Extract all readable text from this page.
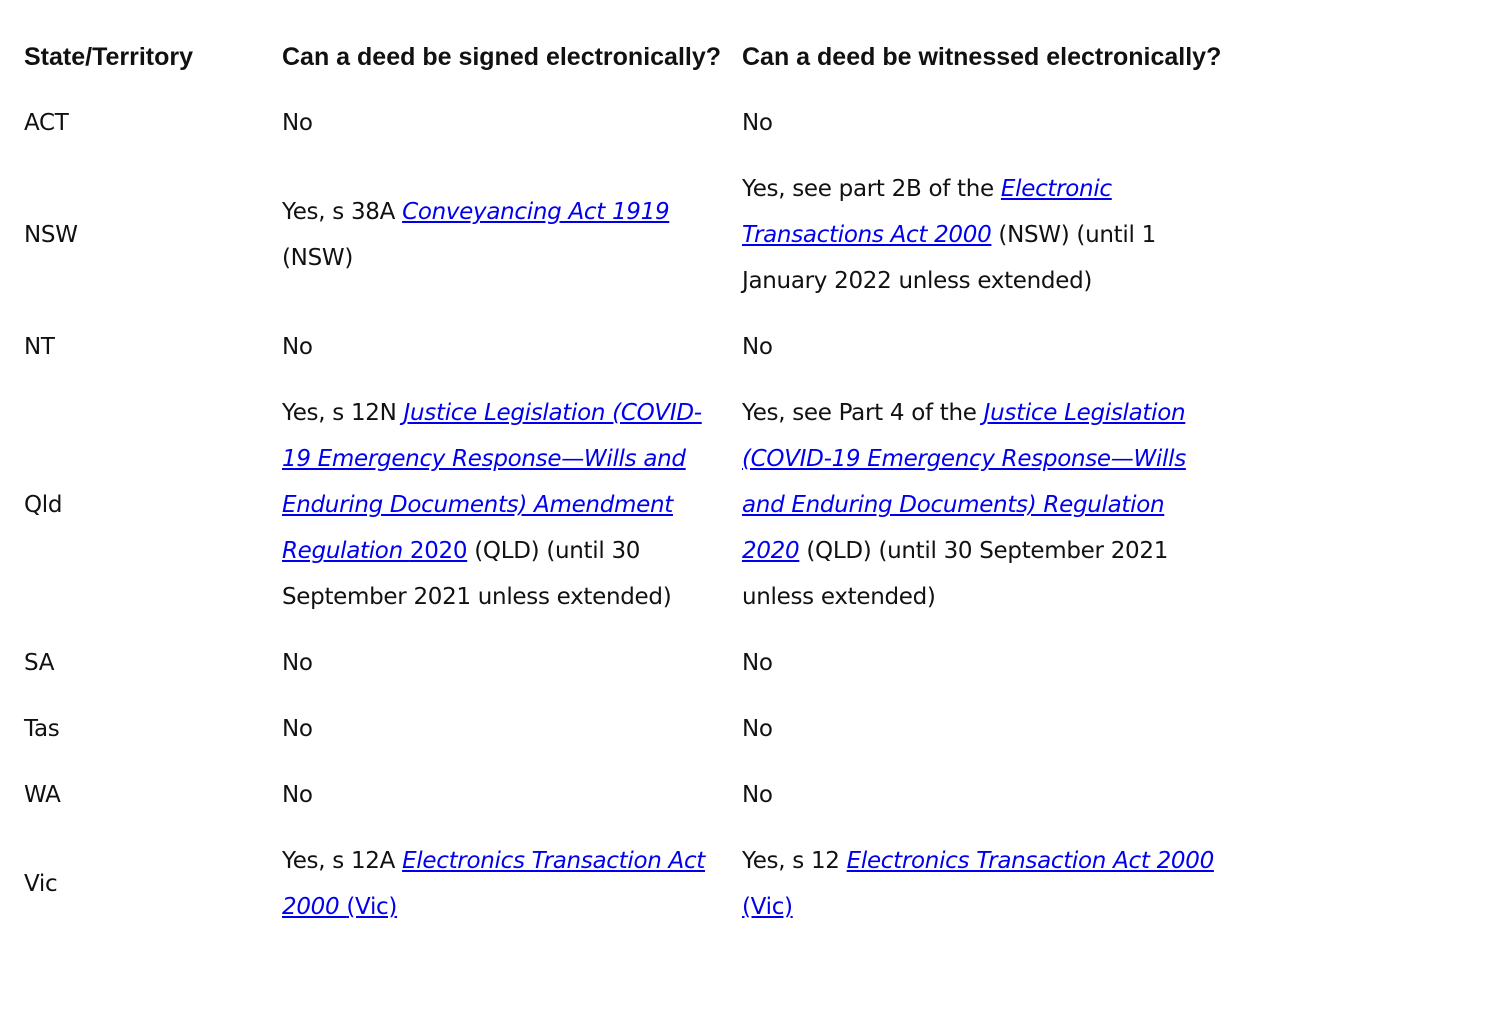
State/Territory	Can a deed be signed electronically?	Can a deed be witnessed electronically?
ACT	No	No
NSW	Yes, s 38A Conveyancing Act 1919 (NSW)	Yes, see part 2B of the Electronic Transactions Act 2000 (NSW) (until 1 January 2022 unless extended)
NT	No	No
Qld	Yes, s 12N Justice Legislation (COVID-19 Emergency Response—Wills and Enduring Documents) Amendment Regulation 2020 (QLD) (until 30 September 2021 unless extended)	Yes, see Part 4 of the Justice Legislation (COVID-19 Emergency Response—Wills and Enduring Documents) Regulation 2020 (QLD) (until 30 September 2021 unless extended)
SA	No	No
Tas	No	No
WA	No	No
Vic	Yes, s 12A Electronics Transaction Act 2000 (Vic)	Yes, s 12 Electronics Transaction Act 2000 (Vic)
